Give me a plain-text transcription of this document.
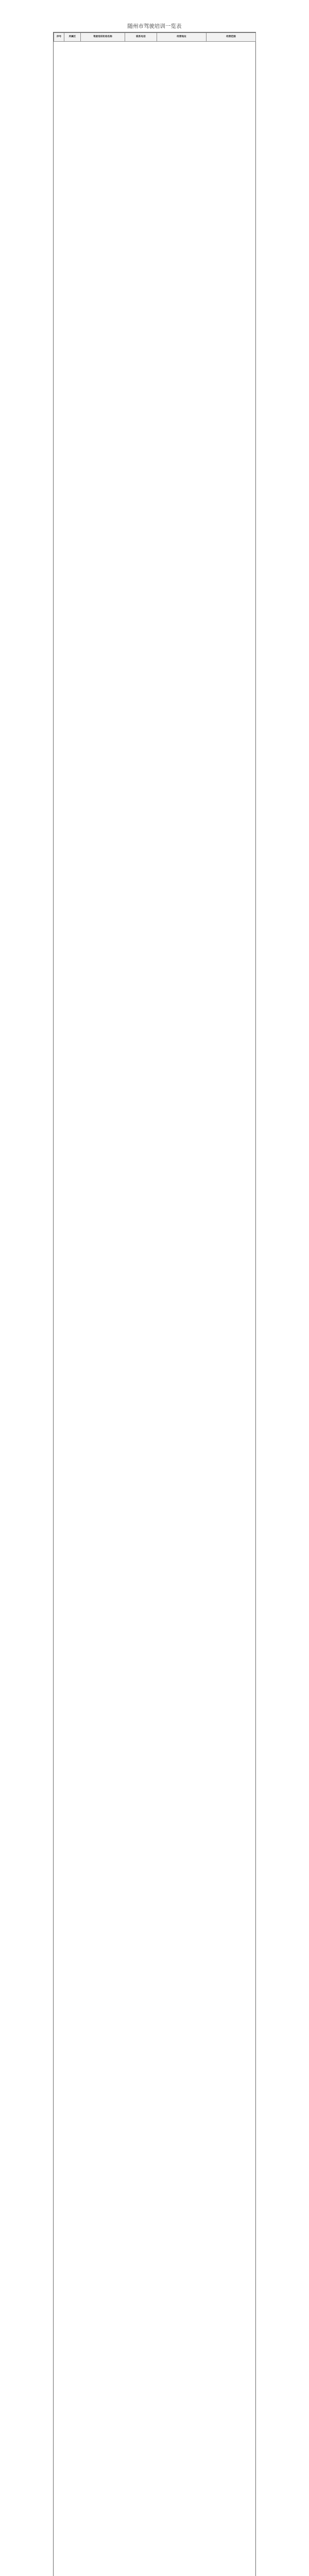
随州市驾驶培训一览表
序号	所属区	驾驶培训机构名称	联系电话	经营地址	经营范围
